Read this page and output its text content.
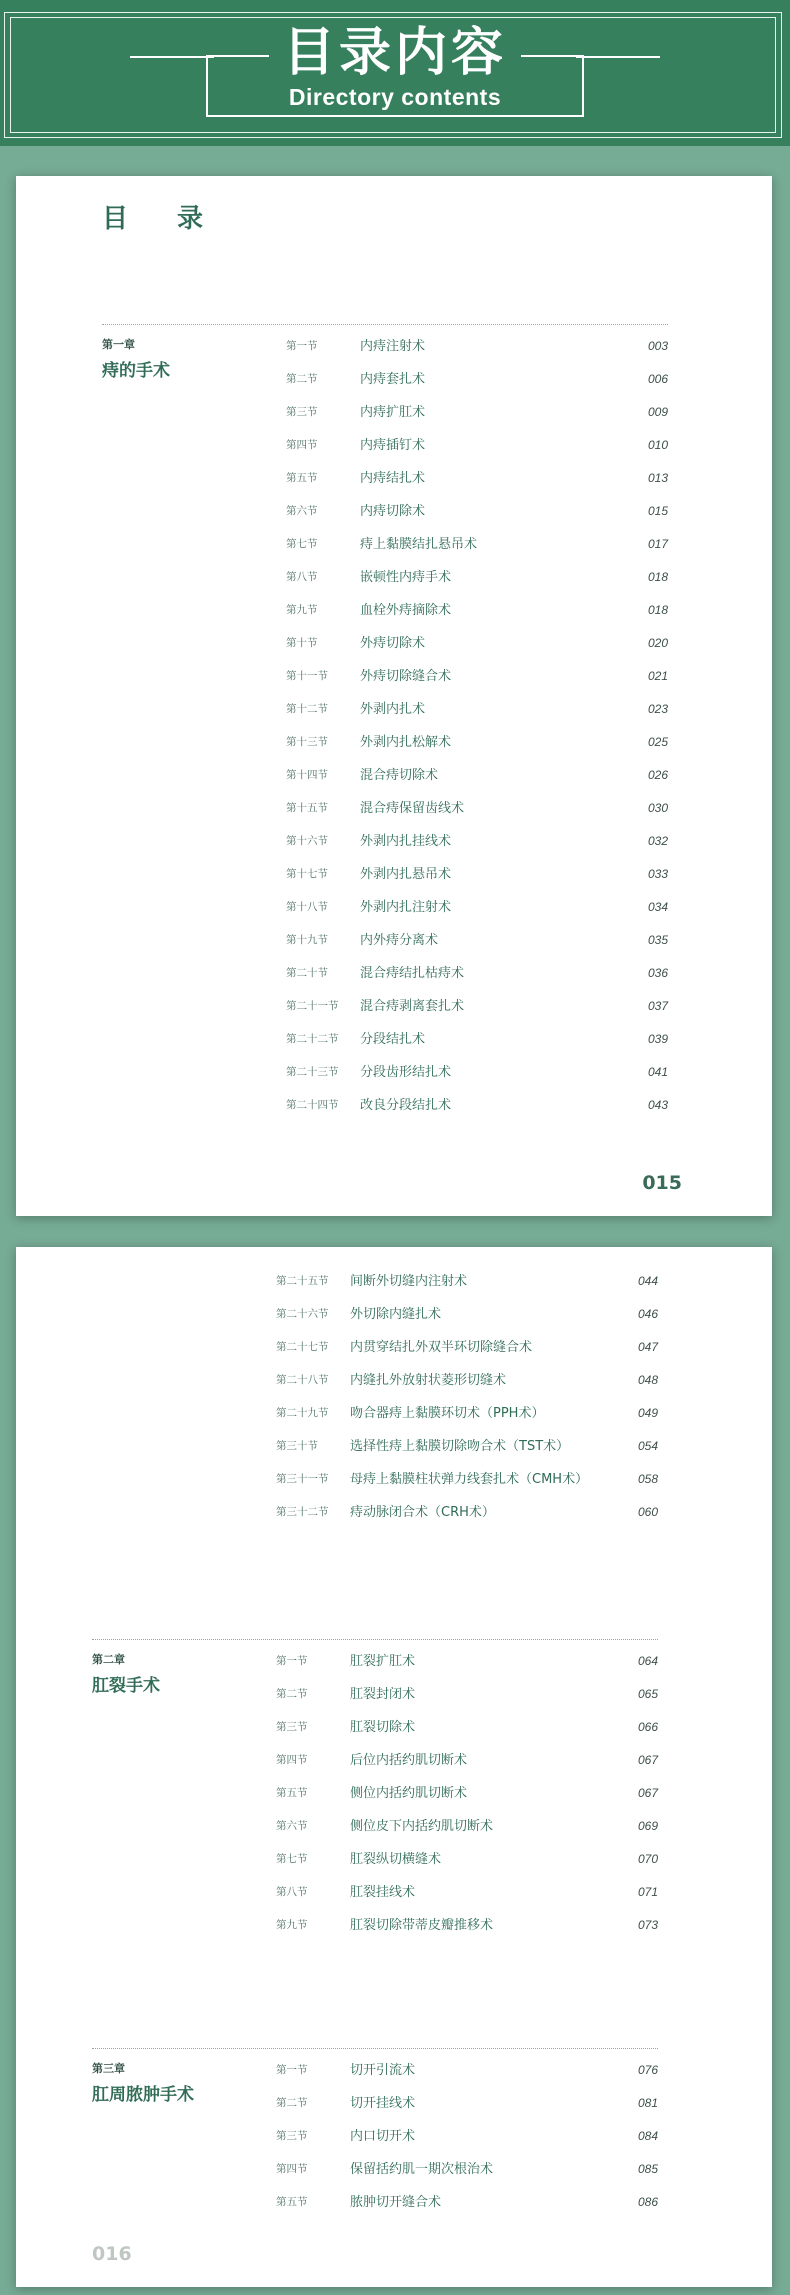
目录内容
Directory contents
目 录
第一章
痔的手术
第一节	内痔注射术	003
第二节	内痔套扎术	006
第三节	内痔扩肛术	009
第四节	内痔插钉术	010
第五节	内痔结扎术	013
第六节	内痔切除术	015
第七节	痔上黏膜结扎悬吊术	017
第八节	嵌顿性内痔手术	018
第九节	血栓外痔摘除术	018
第十节	外痔切除术	020
第十一节 外痔切除缝合术	021
第十二节 外剥内扎术	023
第十三节 外剥内扎松解术	025
第十四节 混合痔切除术	026
第十五节 混合痔保留齿线术	030
第十六节 外剥内扎挂线术	032
第十七节 外剥内扎悬吊术	033
第十八节 外剥内扎注射术	034
第十九节 内外痔分离术	035
第二十节 混合痔结扎枯痔术	036
第二十一节 混合痔剥离套扎术	037
第二十二节 分段结扎术	039
第二十三节 分段齿形结扎术	041
第二十四节 改良分段结扎术	043
015
第二十五节 间断外切缝内注射术	044
第二十六节 外切除内缝扎术	046
第二十七节 内贯穿结扎外双半环切除缝合术	047
第二十八节 内缝扎外放射状菱形切缝术	048
第二十九节 吻合器痔上黏膜环切术（PPH术）	049
第三十节 选择性痔上黏膜切除吻合术（TST术）	054
第三十一节 母痔上黏膜柱状弹力线套扎术（CMH术）	058
第三十二节 痔动脉闭合术（CRH术）	060
第二章
肛裂手术
第一节	肛裂扩肛术	064
第二节	肛裂封闭术	065
第三节	肛裂切除术	066
第四节	后位内括约肌切断术	067
第五节	侧位内括约肌切断术	067
第六节	侧位皮下内括约肌切断术	069
第七节	肛裂纵切横缝术	070
第八节	肛裂挂线术	071
第九节	肛裂切除带蒂皮瓣推移术	073
第三章
肛周脓肿手术
第一节	切开引流术	076
第二节	切开挂线术	081
第三节	内口切开术	084
第四节	保留括约肌一期次根治术	085
第五节	脓肿切开缝合术	086
016
